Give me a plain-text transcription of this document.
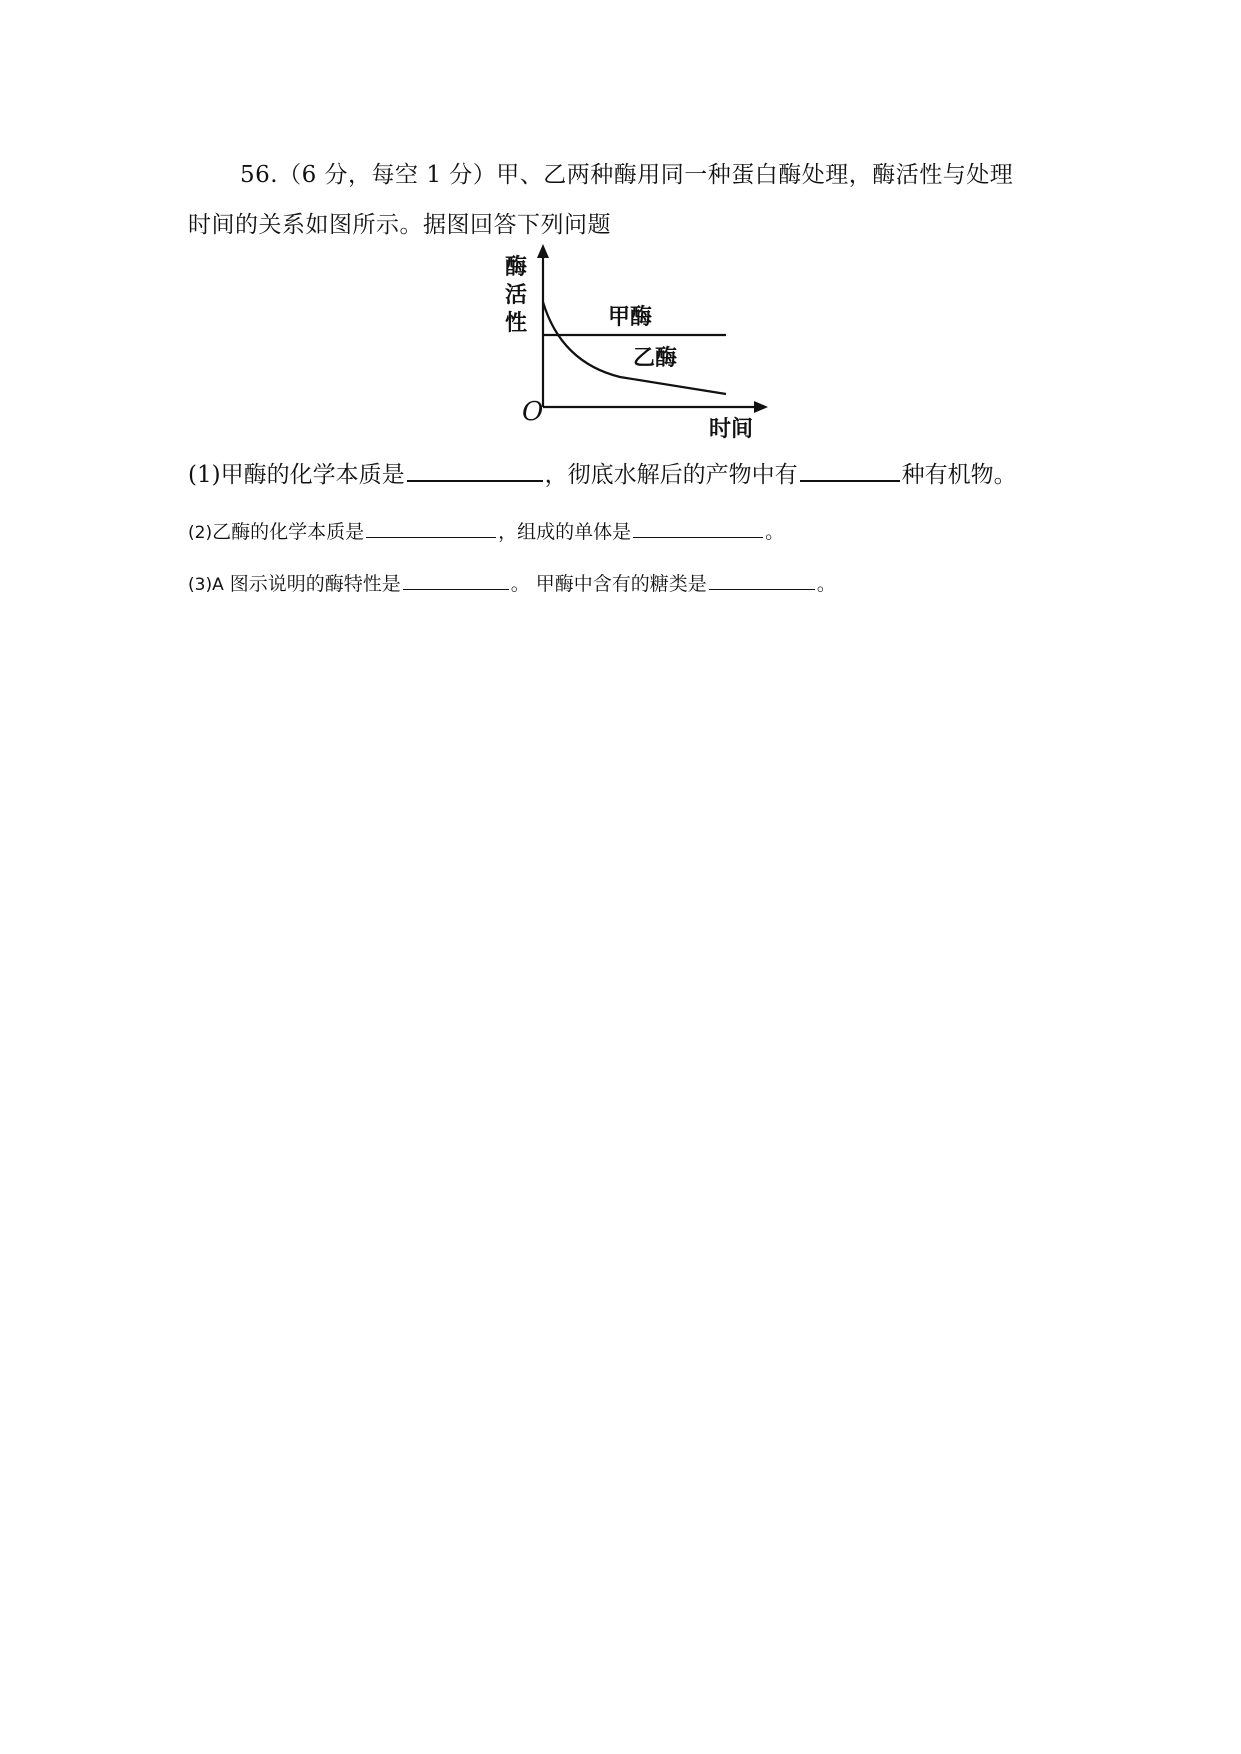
56.（6 分，每空 1 分）甲、乙两种酶用同一种蛋白酶处理，酶活性与处理
时间的关系如图所示。据图回答下列问题
酶
活
性	甲酶
乙酶
O
时间
(1)甲酶的化学本质是	，彻底水解后的产物中有	种有机物。
(2)乙酶的化学本质是	，组成的单体是	。
(3)A 图示说明的酶特性是	。 甲酶中含有的糖类是	。
